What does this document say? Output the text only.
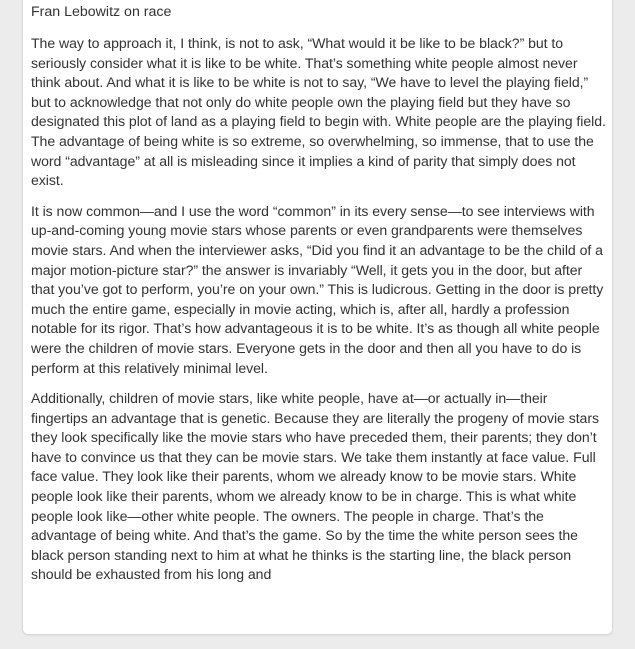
Fran Lebowitz on race

The way to approach it, I think, is not to ask, “What would it be like to be black?” but to seriously consider what it is like to be white. That’s something white people almost never think about. And what it is like to be white is not to say, “We have to level the playing field,” but to acknowledge that not only do white people own the playing field but they have so designated this plot of land as a playing field to begin with. White people are the playing field. The advantage of being white is so extreme, so overwhelming, so immense, that to use the word “advantage” at all is misleading since it implies a kind of parity that simply does not exist.

It is now common—and I use the word “common” in its every sense—to see interviews with up-and-coming young movie stars whose parents or even grandparents were themselves movie stars. And when the interviewer asks, “Did you find it an advantage to be the child of a major motion-picture star?” the answer is invariably “Well, it gets you in the door, but after that you’ve got to perform, you’re on your own.” This is ludicrous. Getting in the door is pretty much the entire game, especially in movie acting, which is, after all, hardly a profession notable for its rigor. That’s how advantageous it is to be white. It’s as though all white people were the children of movie stars. Everyone gets in the door and then all you have to do is perform at this relatively minimal level.

Additionally, children of movie stars, like white people, have at—or actually in—their fingertips an advantage that is genetic. Because they are literally the progeny of movie stars they look specifically like the movie stars who have preceded them, their parents; they don’t have to convince us that they can be movie stars. We take them instantly at face value. Full face value. They look like their parents, whom we already know to be movie stars. White people look like their parents, whom we already know to be in charge. This is what white people look like—other white people. The owners. The people in charge. That’s the advantage of being white. And that’s the game. So by the time the white person sees the black person standing next to him at what he thinks is the starting line, the black person should be exhausted from his long and
